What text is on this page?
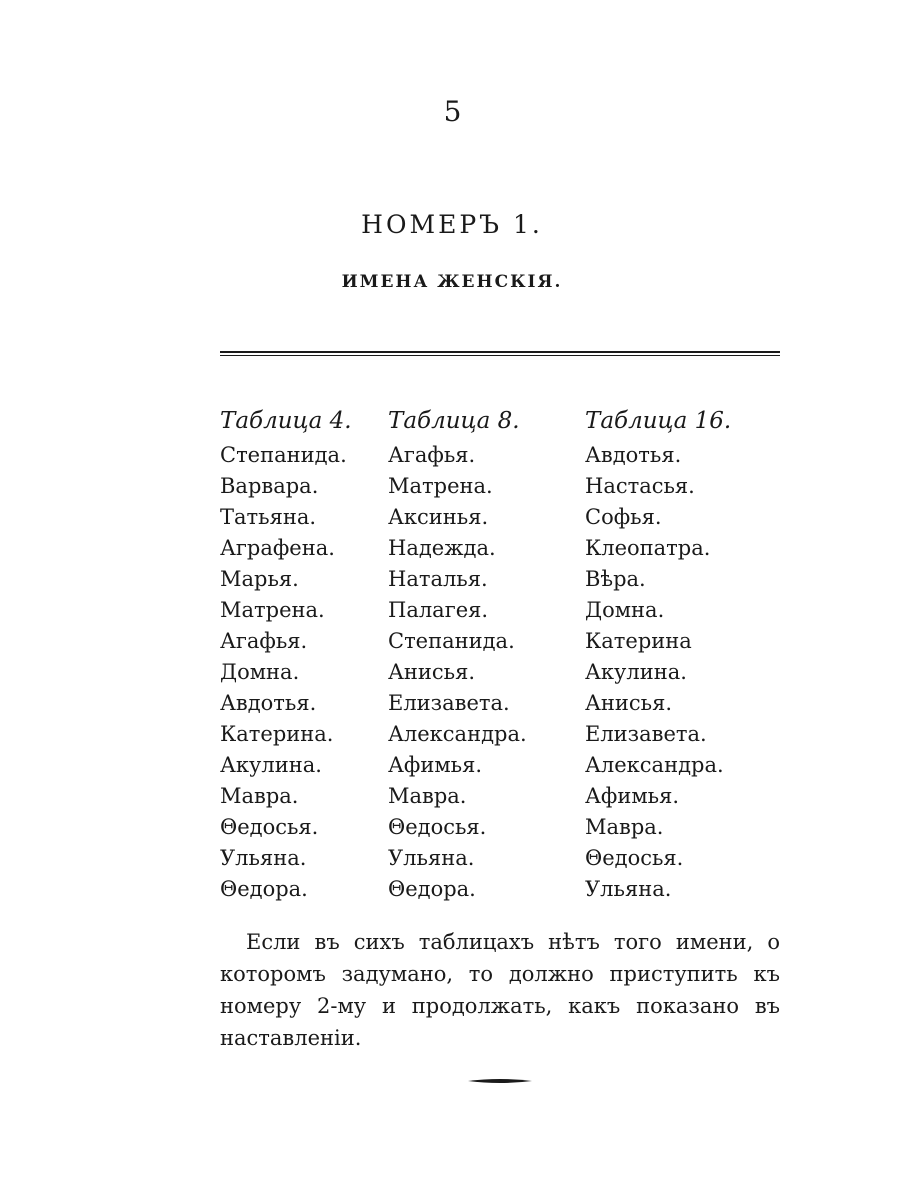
5
НОМЕРЪ 1.
ИМЕНА ЖЕНСКІЯ.
Таблица 4.
Степанида.
Варвара.
Татьяна.
Аграфена.
Марья.
Матрена.
Агафья.
Домна.
Авдотья.
Катерина.
Акулина.
Мавра.
Θедосья.
Ульяна.
Θедора.
Таблица 8.
Агафья.
Матрена.
Аксинья.
Надежда.
Наталья.
Палагея.
Степанида.
Анисья.
Елизавета.
Александра.
Афимья.
Мавра.
Θедосья.
Ульяна.
Θедора.
Таблица 16.
Авдотья.
Настасья.
Софья.
Клеопатра.
Вѣра.
Домна.
Катерина
Акулина.
Анисья.
Елизавета.
Александра.
Афимья.
Мавра.
Θедосья.
Ульяна.

Если въ сихъ таблицахъ нѣтъ того имени, о которомъ задумано, то должно приступить къ номеру 2-му и продолжать, какъ показано въ наставленіи.
